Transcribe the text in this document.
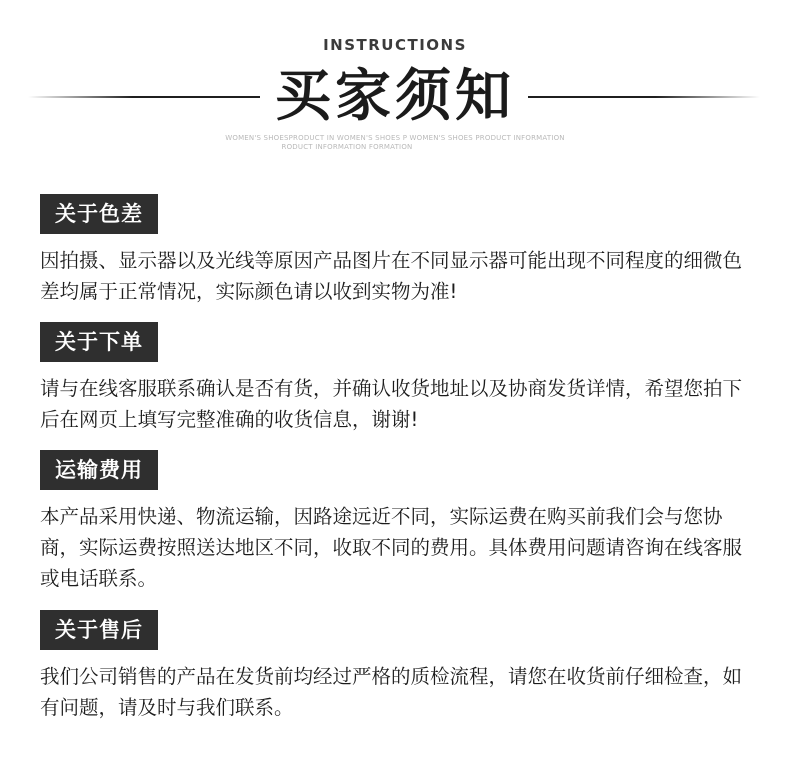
INSTRUCTIONS
买家须知
WOMEN'S SHOESPRODUCT IN WOMEN'S SHOES P WOMEN'S SHOES PRODUCT INFORMATION
RODUCT INFORMATION FORMATION
关于色差

因拍摄、显示器以及光线等原因产品图片在不同显示器可能出现不同程度的细微色差均属于正常情况，实际颜色请以收到实物为准!

关于下单

请与在线客服联系确认是否有货，并确认收货地址以及协商发货详情，希望您拍下后在网页上填写完整准确的收货信息，谢谢!

运输费用

本产品采用快递、物流运输，因路途远近不同，实际运费在购买前我们会与您协商，实际运费按照送达地区不同，收取不同的费用。具体费用问题请咨询在线客服或电话联系。

关于售后

我们公司销售的产品在发货前均经过严格的质检流程，请您在收货前仔细检查，如有问题，请及时与我们联系。
